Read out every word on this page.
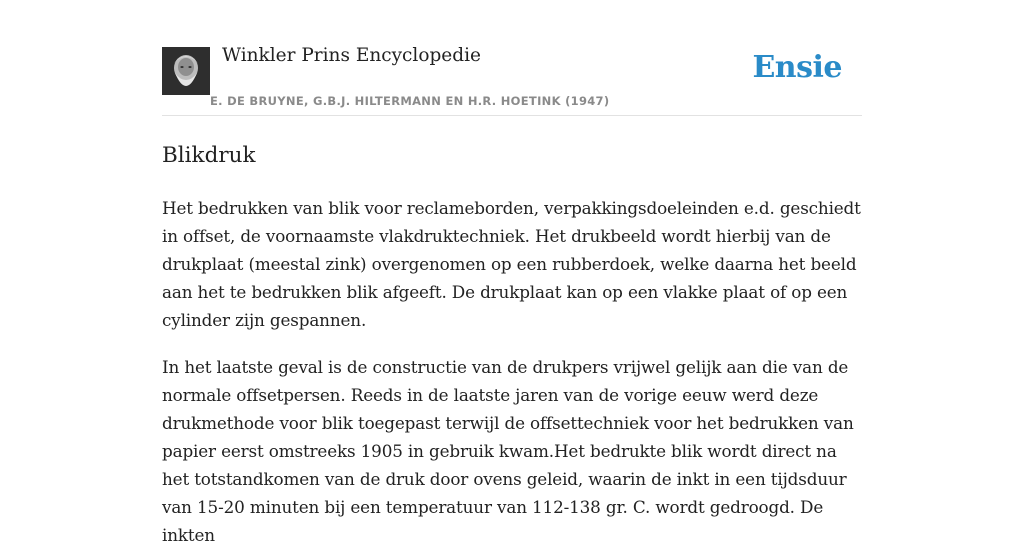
Winkler Prins Encyclopedie
E. DE BRUYNE, G.B.J. HILTERMANN EN H.R. HOETINK (1947)
Ensie
Blikdruk

Het bedrukken van blik voor reclameborden, verpakkingsdoeleinden e.d. geschiedt in offset, de voornaamste vlakdruktechniek. Het drukbeeld wordt hierbij van de drukplaat (meestal zink) overgenomen op een rubberdoek, welke daarna het beeld aan het te bedrukken blik afgeeft. De drukplaat kan op een vlakke plaat of op een cylinder zijn gespannen.

In het laatste geval is de constructie van de drukpers vrijwel gelijk aan die van de normale offsetpersen. Reeds in de laatste jaren van de vorige eeuw werd deze drukmethode voor blik toegepast terwijl de offsettechniek voor het bedrukken van papier eerst omstreeks 1905 in gebruik kwam.Het bedrukte blik wordt direct na het totstandkomen van de druk door ovens geleid, waarin de inkt in een tijdsduur van 15-20 minuten bij een temperatuur van 112-138 gr. C. wordt gedroogd. De inkten
